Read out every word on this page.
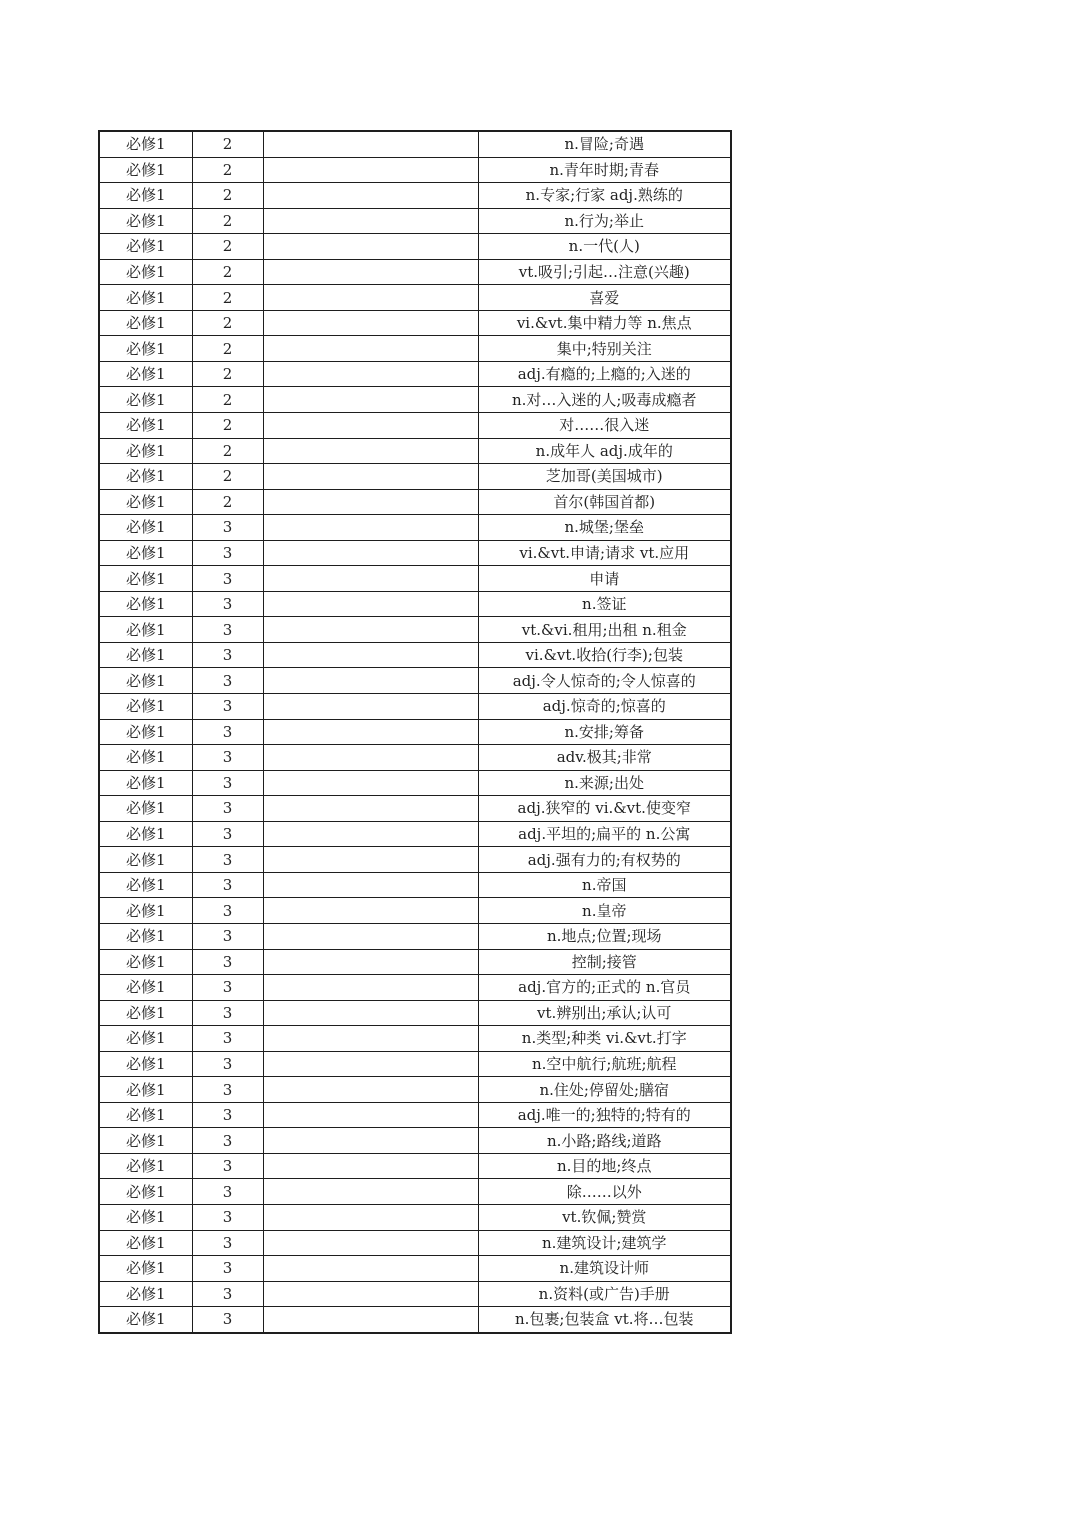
必修1	2		n.冒险;奇遇
必修1	2		n.青年时期;青春
必修1	2		n.专家;行家 adj.熟练的
必修1	2		n.行为;举止
必修1	2		n.一代(人)
必修1	2		vt.吸引;引起…注意(兴趣)
必修1	2		喜爱
必修1	2		vi.&vt.集中精力等 n.焦点
必修1	2		集中;特别关注
必修1	2		adj.有瘾的;上瘾的;入迷的
必修1	2		n.对…入迷的人;吸毒成瘾者
必修1	2		对……很入迷
必修1	2		n.成年人 adj.成年的
必修1	2		芝加哥(美国城市)
必修1	2		首尔(韩国首都)
必修1	3		n.城堡;堡垒
必修1	3		vi.&vt.申请;请求 vt.应用
必修1	3		申请
必修1	3		n.签证
必修1	3		vt.&vi.租用;出租 n.租金
必修1	3		vi.&vt.收拾(行李);包装
必修1	3		adj.令人惊奇的;令人惊喜的
必修1	3		adj.惊奇的;惊喜的
必修1	3		n.安排;筹备
必修1	3		adv.极其;非常
必修1	3		n.来源;出处
必修1	3		adj.狭窄的 vi.&vt.使变窄
必修1	3		adj.平坦的;扁平的 n.公寓
必修1	3		adj.强有力的;有权势的
必修1	3		n.帝国
必修1	3		n.皇帝
必修1	3		n.地点;位置;现场
必修1	3		控制;接管
必修1	3		adj.官方的;正式的 n.官员
必修1	3		vt.辨别出;承认;认可
必修1	3		n.类型;种类 vi.&vt.打字
必修1	3		n.空中航行;航班;航程
必修1	3		n.住处;停留处;膳宿
必修1	3		adj.唯一的;独特的;特有的
必修1	3		n.小路;路线;道路
必修1	3		n.目的地;终点
必修1	3		除……以外
必修1	3		vt.钦佩;赞赏
必修1	3		n.建筑设计;建筑学
必修1	3		n.建筑设计师
必修1	3		n.资料(或广告)手册
必修1	3		n.包裹;包装盒 vt.将…包装
